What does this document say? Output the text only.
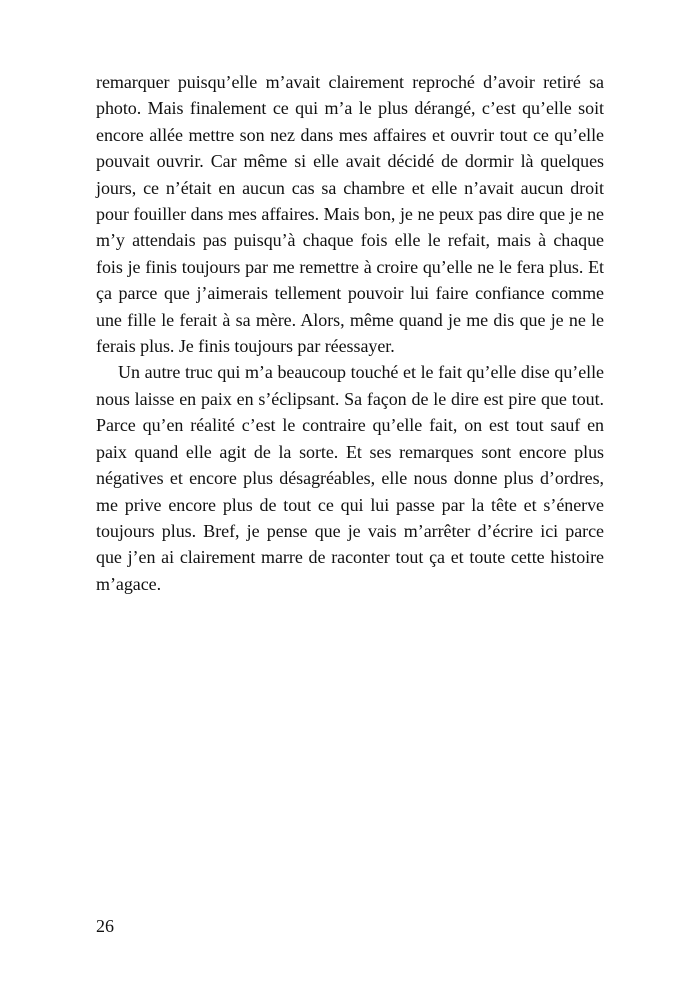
remarquer puisqu’elle m’avait clairement reproché d’avoir retiré sa photo. Mais finalement ce qui m’a le plus dérangé, c’est qu’elle soit encore allée mettre son nez dans mes affaires et ouvrir tout ce qu’elle pouvait ouvrir. Car même si elle avait décidé de dormir là quelques jours, ce n’était en aucun cas sa chambre et elle n’avait aucun droit pour fouiller dans mes affaires. Mais bon, je ne peux pas dire que je ne m’y attendais pas puisqu’à chaque fois elle le refait, mais à chaque fois je finis toujours par me remettre à croire qu’elle ne le fera plus. Et ça parce que j’aimerais tellement pouvoir lui faire confiance comme une fille le ferait à sa mère. Alors, même quand je me dis que je ne le ferais plus. Je finis toujours par réessayer.

Un autre truc qui m’a beaucoup touché et le fait qu’elle dise qu’elle nous laisse en paix en s’éclipsant. Sa façon de le dire est pire que tout. Parce qu’en réalité c’est le contraire qu’elle fait, on est tout sauf en paix quand elle agit de la sorte. Et ses remarques sont encore plus négatives et encore plus désagréables, elle nous donne plus d’ordres, me prive encore plus de tout ce qui lui passe par la tête et s’énerve toujours plus. Bref, je pense que je vais m’arrêter d’écrire ici parce que j’en ai clairement marre de raconter tout ça et toute cette histoire m’agace.

26
